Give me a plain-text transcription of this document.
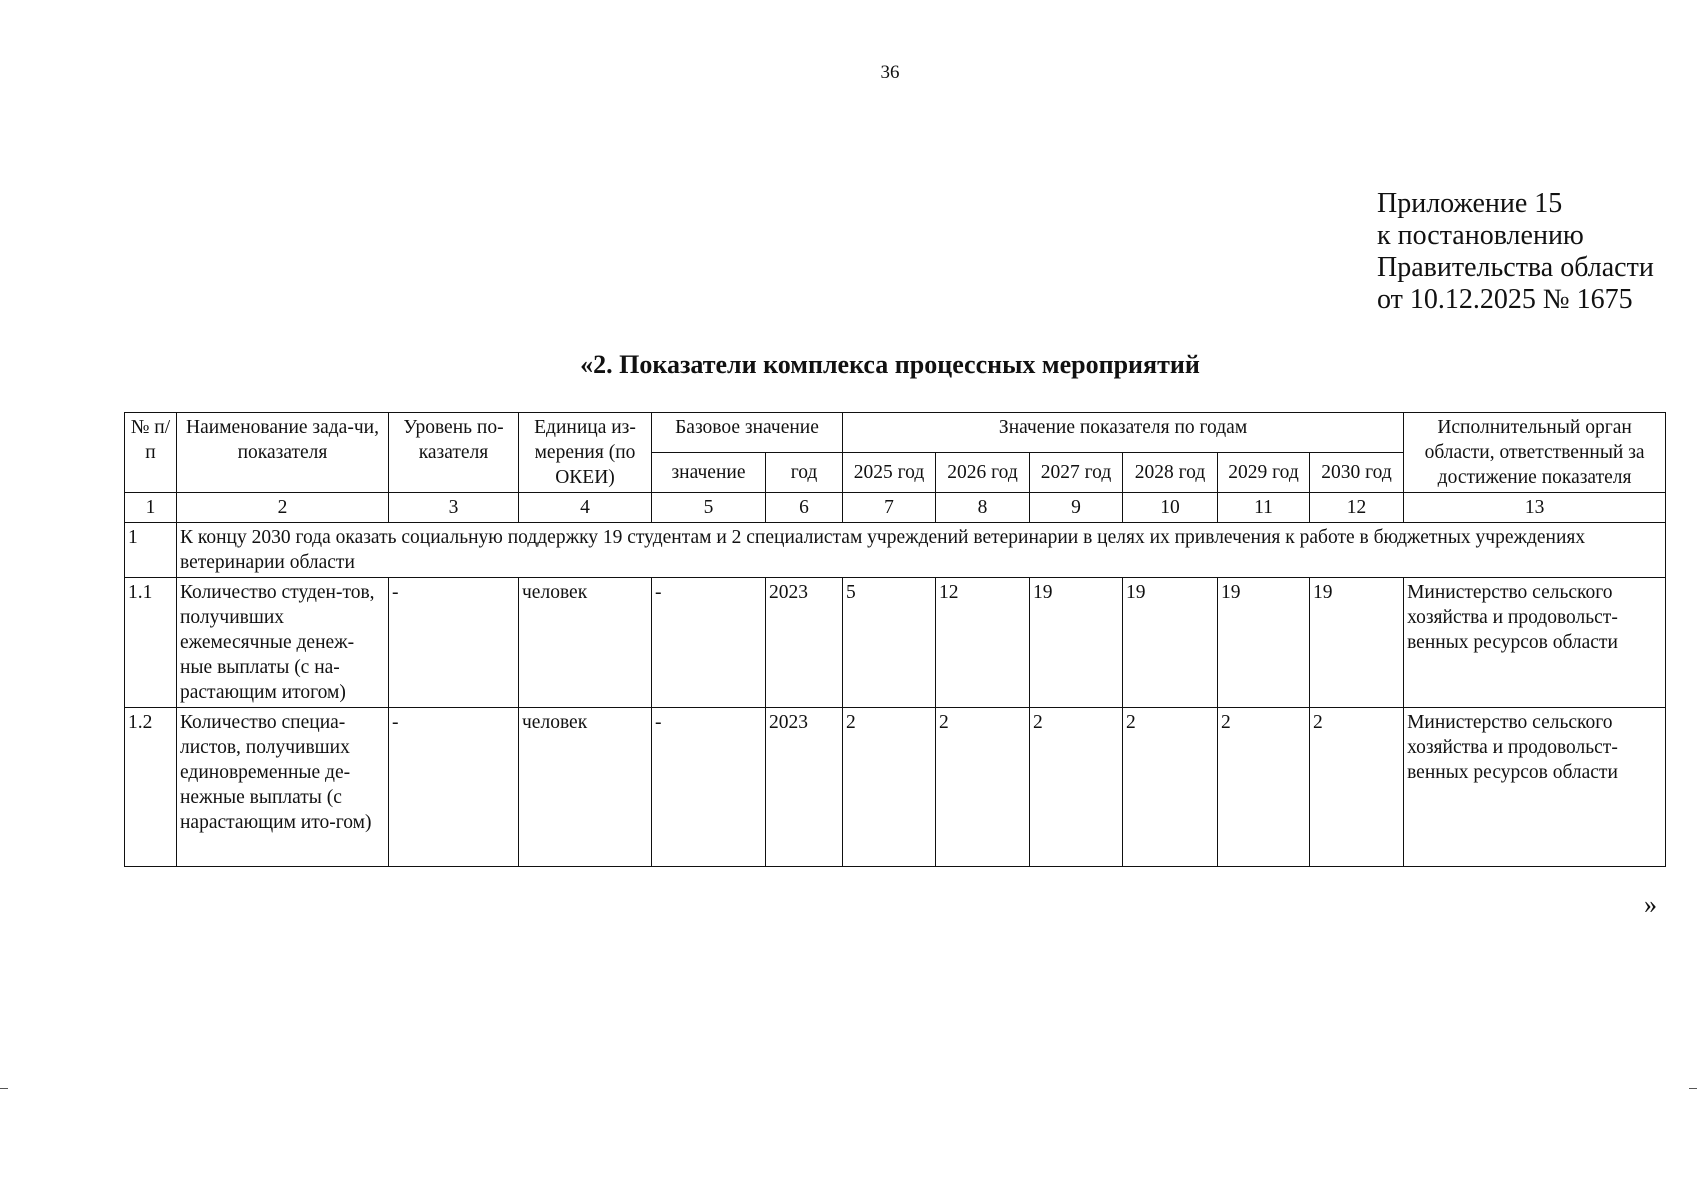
36
Приложение 15
к постановлению
Правительства области
от 10.12.2025 № 1675
«2. Показатели комплекса процессных мероприятий
№ п/п	Наименование зада-чи, показателя	Уровень по-казателя	Единица из-мерения (по ОКЕИ)	Базовое значение		Значение показателя по годам						Исполнительный орган области, ответственный за достижение показателя
				значение	год	2025 год	2026 год	2027 год	2028 год	2029 год	2030 год	
1	2	3	4	5	6	7	8	9	10	11	12	13
1	К концу 2030 года оказать социальную поддержку 19 студентам и 2 специалистам учреждений ветеринарии в целях их привлечения к работе в бюджетных учреждениях ветеринарии области											
1.1	Количество студен-тов, получивших ежемесячные денеж-ные выплаты (с на-растающим итогом)	-	человек	-	2023	5	12	19	19	19	19	Министерство сельского хозяйства и продовольст-венных ресурсов области
1.2	Количество специа-листов, получивших единовременные де-нежные выплаты (с нарастающим ито-гом)	-	человек	-	2023	2	2	2	2	2	2	Министерство сельского хозяйства и продовольст-венных ресурсов области
»
